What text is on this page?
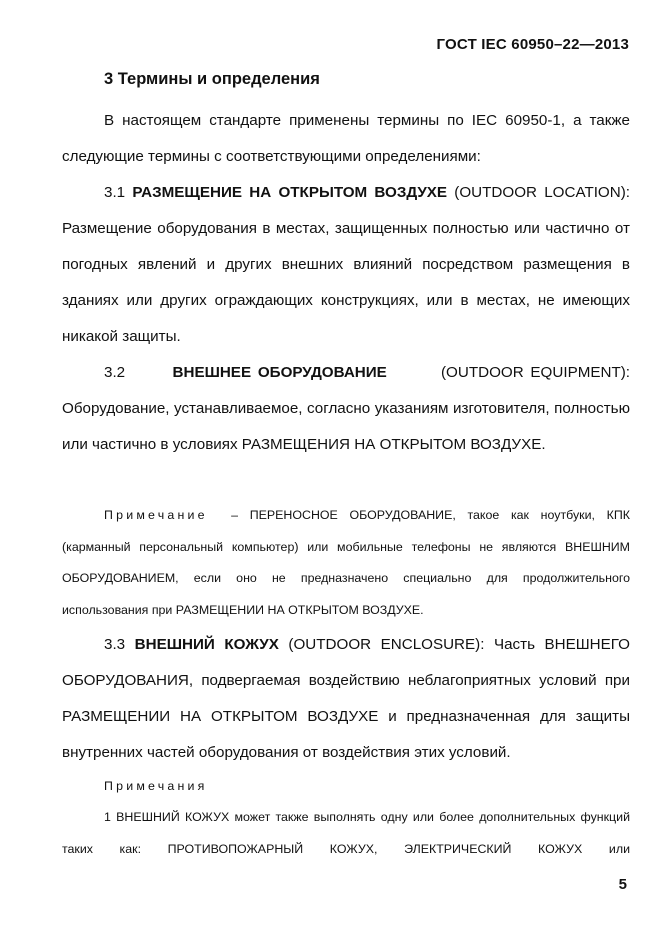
ГОСТ IEC 60950–22—2013
3 Термины и определения
В настоящем стандарте применены термины по IEC 60950-1, а также следующие термины с соответствующими определениями:
3.1 РАЗМЕЩЕНИЕ НА ОТКРЫТОМ ВОЗДУХЕ (OUTDOOR LOCATION): Размещение оборудования в местах, защищенных полностью или частично от погодных явлений и других внешних влияний посредством размещения в зданиях или других ограждающих конструкциях, или в местах, не имеющих никакой защиты.
3.2	ВНЕШНЕЕ ОБОРУДОВАНИЕ	(OUTDOOR EQUIPMENT): Оборудование, устанавливаемое, согласно указаниям изготовителя, полностью или частично в условиях РАЗМЕЩЕНИЯ НА ОТКРЫТОМ ВОЗДУХЕ.
Примечание – ПЕРЕНОСНОЕ ОБОРУДОВАНИЕ, такое как ноутбуки, КПК (карманный персональный компьютер) или мобильные телефоны не являются ВНЕШНИМ ОБОРУДОВАНИЕМ, если оно не предназначено специально для продолжительного использования при РАЗМЕЩЕНИИ НА ОТКРЫТОМ ВОЗДУХЕ.
3.3 ВНЕШНИЙ КОЖУХ (OUTDOOR ENCLOSURE): Часть ВНЕШНЕГО ОБОРУДОВАНИЯ, подвергаемая воздействию неблагоприятных условий при РАЗМЕЩЕНИИ НА ОТКРЫТОМ ВОЗДУХЕ и предназначенная для защиты внутренних частей оборудования от воздействия этих условий.
Примечания
1 ВНЕШНИЙ КОЖУХ может также выполнять одну или более дополнительных функций таких как: ПРОТИВОПОЖАРНЫЙ КОЖУХ, ЭЛЕКТРИЧЕСКИЙ КОЖУХ или
5
